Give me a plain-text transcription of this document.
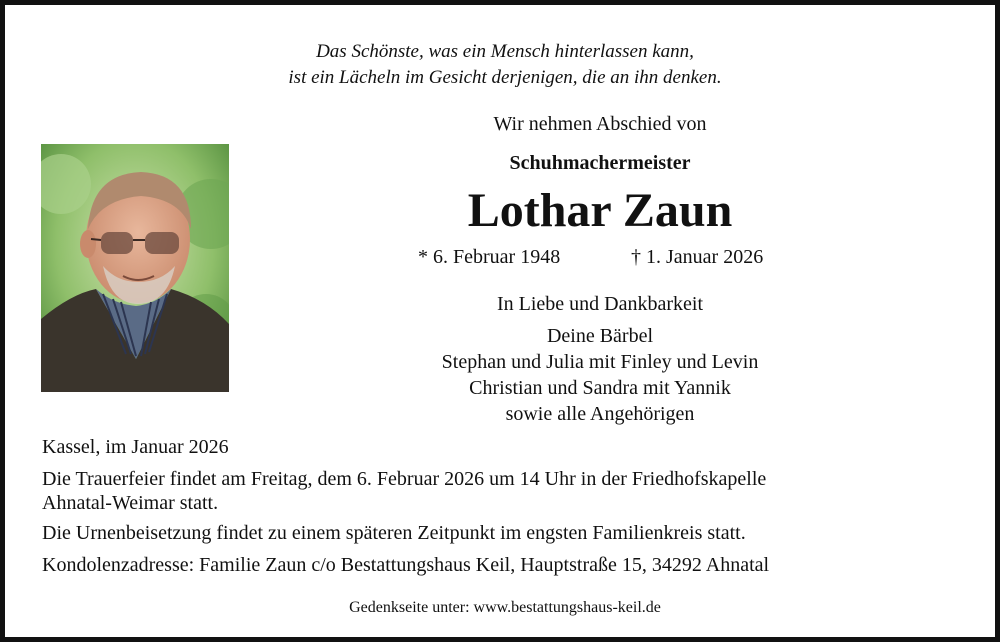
Das Schönste, was ein Mensch hinterlassen kann,
ist ein Lächeln im Gesicht derjenigen, die an ihn denken.
Wir nehmen Abschied von
Schuhmachermeister
Lothar Zaun
* 6. Februar 1948	† 1. Januar 2026
In Liebe und Dankbarkeit
Deine Bärbel
Stephan und Julia mit Finley und Levin
Christian und Sandra mit Yannik
sowie alle Angehörigen
Kassel, im Januar 2026
Die Trauerfeier findet am Freitag, dem 6. Februar 2026 um 14 Uhr in der Friedhofskapelle
Ahnatal-Weimar statt.
Die Urnenbeisetzung findet zu einem späteren Zeitpunkt im engsten Familienkreis statt.
Kondolenzadresse: Familie Zaun c/o Bestattungshaus Keil, Hauptstraße 15, 34292 Ahnatal
Gedenkseite unter: www.bestattungshaus-keil.de
